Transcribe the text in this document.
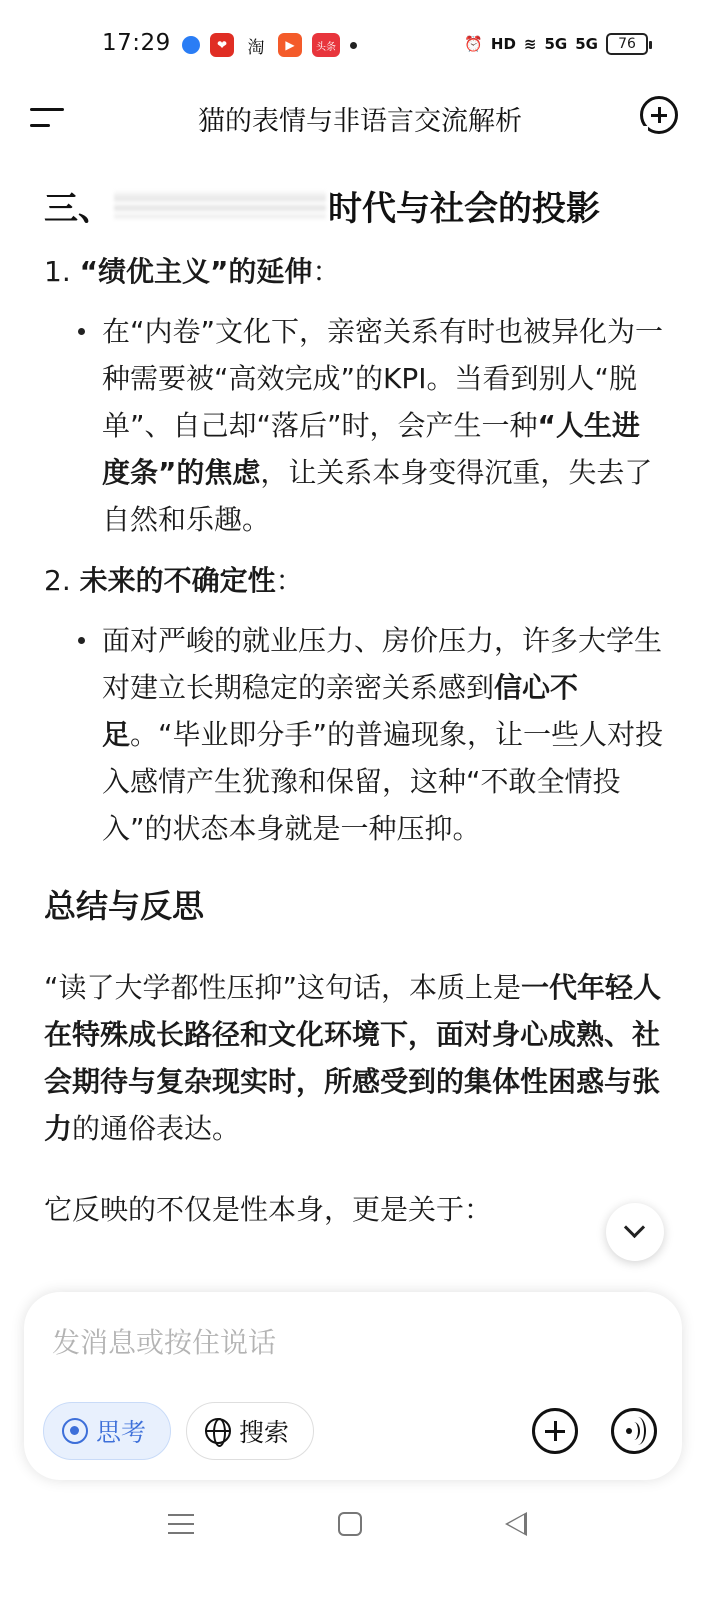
17:29	❤	淘	▶	头条	⏰ HD ≋ 5G 5G	76
猫的表情与非语言交流解析
三、	时代与社会的投影
1. “绩优主义”的延伸：
在“内卷”文化下，亲密关系有时也被异化为一种需要被“高效完成”的KPI。当看到别人“脱单”、自己却“落后”时，会产生一种“人生进度条”的焦虑，让关系本身变得沉重，失去了自然和乐趣。
2. 未来的不确定性：
面对严峻的就业压力、房价压力，许多大学生对建立长期稳定的亲密关系感到信心不足。“毕业即分手”的普遍现象，让一些人对投入感情产生犹豫和保留，这种“不敢全情投入”的状态本身就是一种压抑。
总结与反思
“读了大学都性压抑”这句话，本质上是一代年轻人在特殊成长路径和文化环境下，面对身心成熟、社会期待与复杂现实时，所感受到的集体性困惑与张力的通俗表达。
它反映的不仅是性本身，更是关于：
发消息或按住说话
思考	搜索
